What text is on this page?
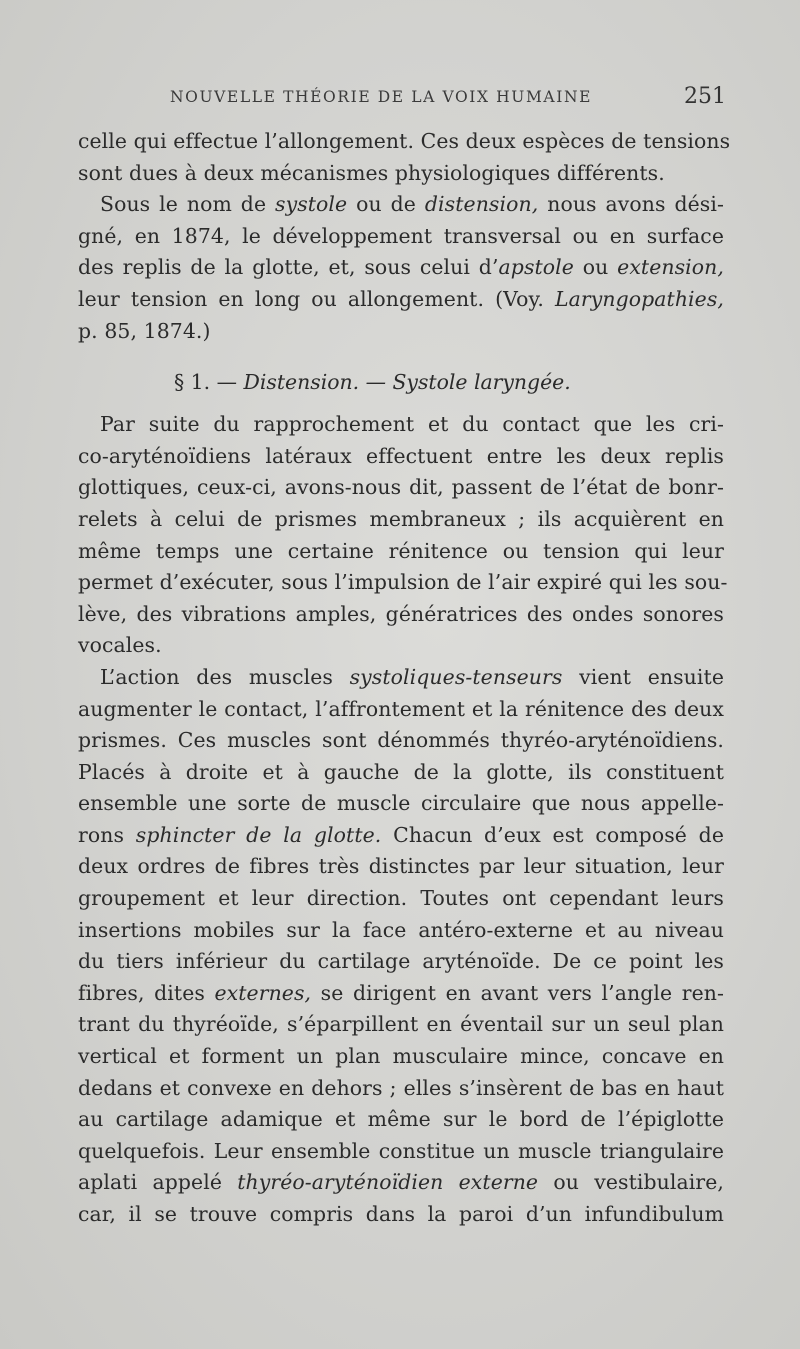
NOUVELLE THÉORIE DE LA VOIX HUMAINE	251
celle qui effectue l’allongement. Ces deux espèces de tensions
sont dues à deux mécanismes physiologiques différents.
Sous le nom de systole ou de distension, nous avons dési-
gné, en 1874, le développement transversal ou en surface
des replis de la glotte, et, sous celui d’apstole ou extension,
leur tension en long ou allongement. (Voy. Laryngopathies,
p. 85, 1874.)
§ 1. — Distension. — Systole laryngée.
Par suite du rapprochement et du contact que les cri-
co-aryténoïdiens latéraux effectuent entre les deux replis
glottiques, ceux-ci, avons-nous dit, passent de l’état de bonr-
relets à celui de prismes membraneux ; ils acquièrent en
même temps une certaine rénitence ou tension qui leur
permet d’exécuter, sous l’impulsion de l’air expiré qui les sou-
lève, des vibrations amples, génératrices des ondes sonores
vocales.
L’action des muscles systoliques-tenseurs vient ensuite
augmenter le contact, l’affrontement et la rénitence des deux
prismes. Ces muscles sont dénommés thyréo-aryténoïdiens.
Placés à droite et à gauche de la glotte, ils constituent
ensemble une sorte de muscle circulaire que nous appelle-
rons sphincter de la glotte. Chacun d’eux est composé de
deux ordres de fibres très distinctes par leur situation, leur
groupement et leur direction. Toutes ont cependant leurs
insertions mobiles sur la face antéro-externe et au niveau
du tiers inférieur du cartilage aryténoïde. De ce point les
fibres, dites externes, se dirigent en avant vers l’angle ren-
trant du thyréoïde, s’éparpillent en éventail sur un seul plan
vertical et forment un plan musculaire mince, concave en
dedans et convexe en dehors ; elles s’insèrent de bas en haut
au cartilage adamique et même sur le bord de l’épiglotte
quelquefois. Leur ensemble constitue un muscle triangulaire
aplati appelé thyréo-aryténoïdien externe ou vestibulaire,
car, il se trouve compris dans la paroi d’un infundibulum
